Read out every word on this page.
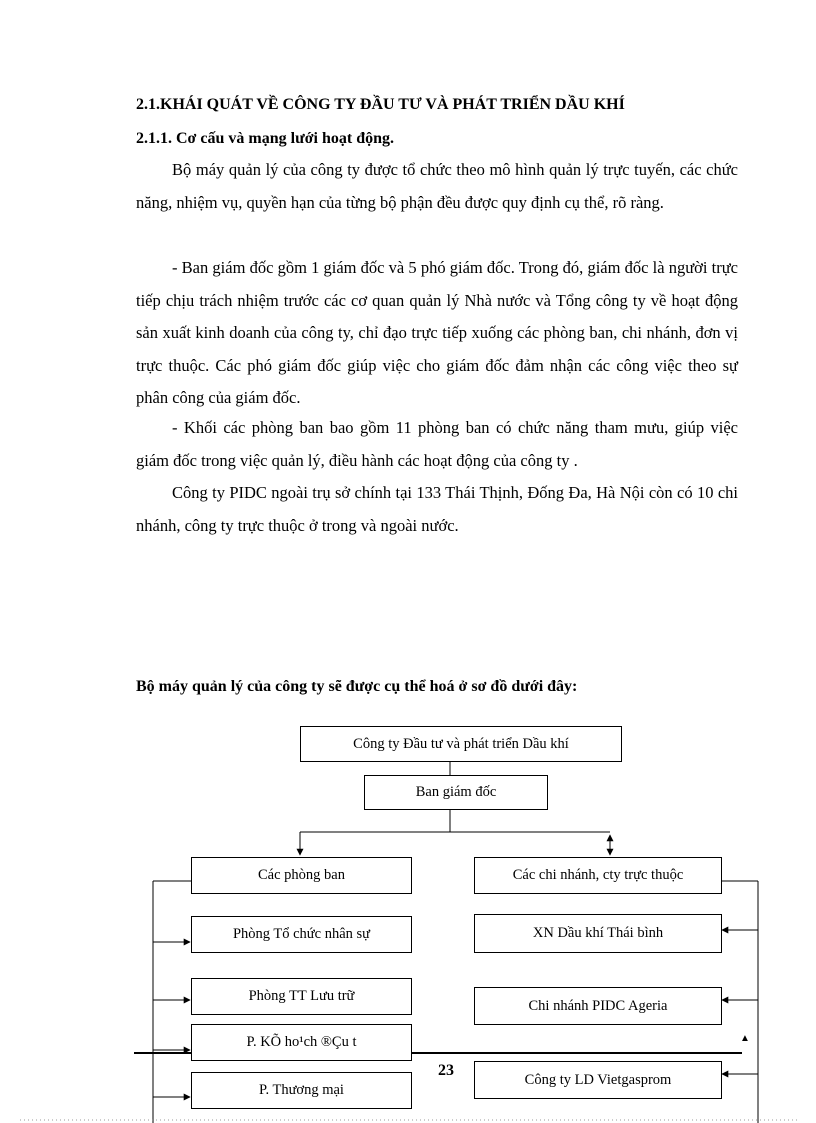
2.1.KHÁI QUÁT VỀ CÔNG TY ĐẦU TƯ VÀ PHÁT TRIỂN DẦU KHÍ
2.1.1. Cơ cấu và mạng lưới hoạt động.

Bộ máy quản lý của công ty được tổ chức theo mô hình quản lý trực tuyến, các chức năng, nhiệm vụ, quyền hạn của từng bộ phận đều được quy định cụ thể, rõ ràng.

- Ban giám đốc gồm 1 giám đốc và 5 phó giám đốc. Trong đó, giám đốc là người trực tiếp chịu trách nhiệm trước các cơ quan quản lý Nhà nước và Tổng công ty về hoạt động sản xuất kinh doanh của công ty, chỉ đạo trực tiếp xuống các phòng ban, chi nhánh, đơn vị trực thuộc. Các phó giám đốc giúp việc cho giám đốc đảm nhận các công việc theo sự phân công của giám đốc.

- Khối các phòng ban bao gồm 11 phòng ban có chức năng tham mưu, giúp việc giám đốc trong việc quản lý, điều hành các hoạt động của công ty .

Công ty PIDC ngoài trụ sở chính tại 133 Thái Thịnh, Đống Đa, Hà Nội còn có 10 chi nhánh, công ty trực thuộc ở trong và ngoài nước.

Bộ máy quản lý của công ty sẽ được cụ thể hoá ở sơ đồ dưới đây:
Công ty Đầu tư và phát triển Dầu khí
Ban giám đốc
Các phòng ban
Phòng Tổ chức nhân sự
Phòng TT Lưu trữ
P. KÕ ho¹ch ®Çu t
P. Thương mại
Các chi nhánh, cty trực thuộc
XN Dầu khí Thái bình
Chi nhánh PIDC Ageria
Công ty LD Vietgasprom
23
▲
